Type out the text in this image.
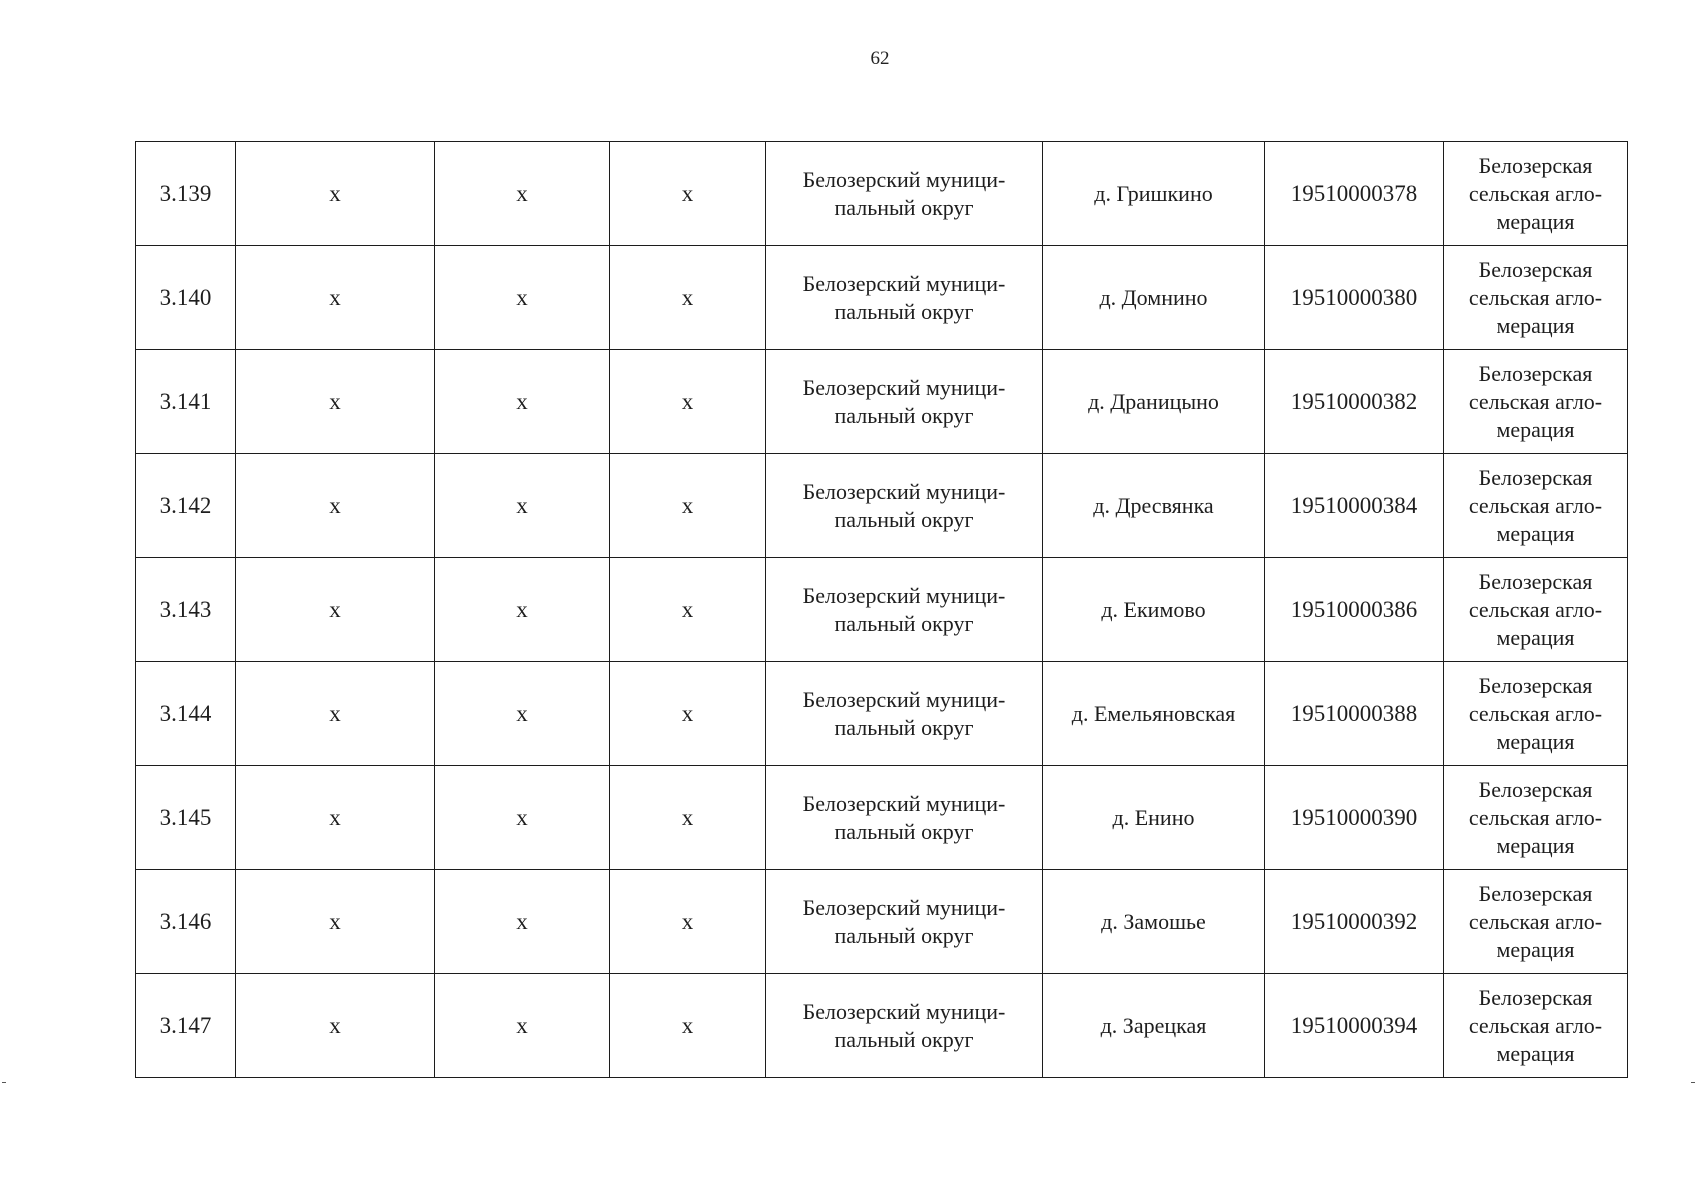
62
3.139	х	х	х	Белозерский муници-
пальный округ	д. Гришкино	19510000378	Белозерская
сельская агло-
мерация

3.140	х	х	х	Белозерский муници-
пальный округ	д. Домнино	19510000380	Белозерская
сельская агло-
мерация

3.141	х	х	х	Белозерский муници-
пальный округ	д. Драницыно	19510000382	Белозерская
сельская агло-
мерация

3.142	х	х	х	Белозерский муници-
пальный округ	д. Дресвянка	19510000384	Белозерская
сельская агло-
мерация

3.143	х	х	х	Белозерский муници-
пальный округ	д. Екимово	19510000386	Белозерская
сельская агло-
мерация

3.144	х	х	х	Белозерский муници-
пальный округ	д. Емельяновская	19510000388	Белозерская
сельская агло-
мерация

3.145	х	х	х	Белозерский муници-
пальный округ	д. Енино	19510000390	Белозерская
сельская агло-
мерация

3.146	х	х	х	Белозерский муници-
пальный округ	д. Замошье	19510000392	Белозерская
сельская агло-
мерация

3.147	х	х	х	Белозерский муници-
пальный округ	д. Зарецкая	19510000394	Белозерская
сельская агло-
мерация
